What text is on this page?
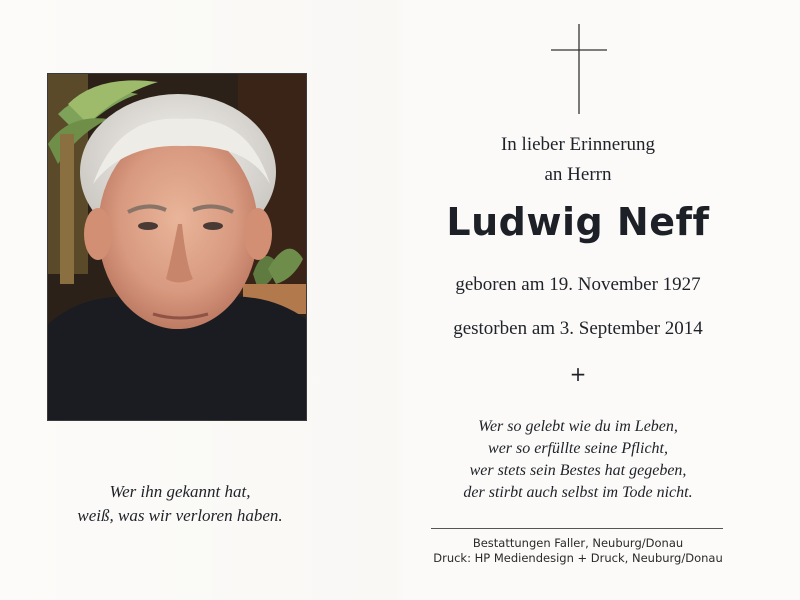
Wer ihn gekannt hat,
weiß, was wir verloren haben.
In lieber Erinnerung
an Herrn
Ludwig Neff
geboren am 19. November 1927
gestorben am 3. September 2014
+
Wer so gelebt wie du im Leben,
wer so erfüllte seine Pflicht,
wer stets sein Bestes hat gegeben,
der stirbt auch selbst im Tode nicht.
Bestattungen Faller, Neuburg/Donau
Druck: HP Mediendesign + Druck, Neuburg/Donau
